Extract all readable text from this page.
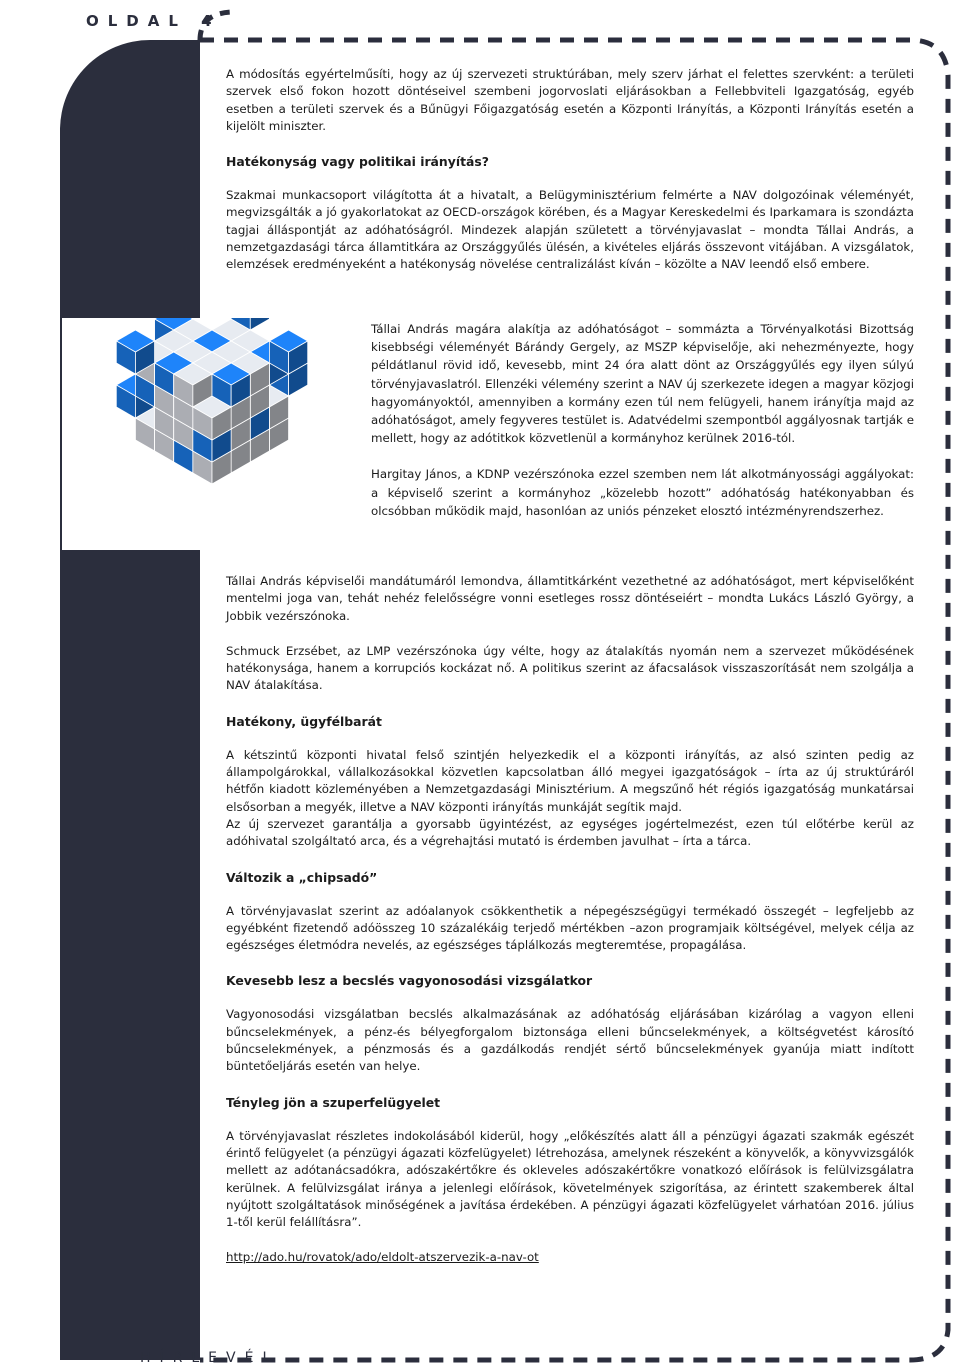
OLDAL 4

A módosítás egyértelműsíti, hogy az új szervezeti struktúrában, mely szerv járhat el felettes szervként: a területi szervek első fokon hozott döntéseivel szembeni jogorvoslati eljárásokban a Fellebbviteli Igazgatóság, egyéb esetben a területi szervek és a Bűnügyi Főigazgatóság esetén a Központi Irányítás, a Központi Irányítás esetén a kijelölt miniszter.

Hatékonyság vagy politikai irányítás?

Szakmai munkacsoport világította át a hivatalt, a Belügyminisztérium felmérte a NAV dolgozóinak véleményét, megvizsgálták a jó gyakorlatokat az OECD-országok körében, és a Magyar Kereskedelmi és Iparkamara is szondázta tagjai álláspontját az adóhatóságról. Mindezek alapján született a törvényjavaslat – mondta Tállai András, a nemzetgazdasági tárca államtitkára az Országgyűlés ülésén, a kivételes eljárás összevont vitájában. A vizsgálatok, elemzések eredményeként a hatékonyság növelése centralizálást kíván – közölte a NAV leendő első embere.

Tállai András magára alakítja az adóhatóságot – sommázta a Törvényalkotási Bizottság kisebbségi véleményét Bárándy Gergely, az MSZP képviselője, aki nehezményezte, hogy példátlanul rövid idő, kevesebb, mint 24 óra alatt dönt az Országgyűlés egy ilyen súlyú törvényjavaslatról. Ellenzéki vélemény szerint a NAV új szerkezete idegen a magyar közjogi hagyományoktól, amennyiben a kormány ezen túl nem felügyeli, hanem irányítja majd az adóhatóságot, amely fegyveres testület is. Adatvédelmi szempontból aggályosnak tartják e mellett, hogy az adótitkok közvetlenül a kormányhoz kerülnek 2016-tól.

Hargitay János, a KDNP vezérszónoka ezzel szemben nem lát alkotmányossági aggályokat: a képviselő szerint a kormányhoz „közelebb hozott” adóhatóság hatékonyabban és olcsóbban működik majd, hasonlóan az uniós pénzeket elosztó intézményrendszerhez.

Tállai András képviselői mandátumáról lemondva, államtitkárként vezethetné az adóhatóságot, mert képviselőként mentelmi joga van, tehát nehéz felelősségre vonni esetleges rossz döntéseiért – mondta Lukács László György, a Jobbik vezérszónoka.

Schmuck Erzsébet, az LMP vezérszónoka úgy vélte, hogy az átalakítás nyomán nem a szervezet működésének hatékonysága, hanem a korrupciós kockázat nő. A politikus szerint az áfacsalások visszaszorítását nem szolgálja a NAV átalakítása.

Hatékony, ügyfélbarát

A kétszintű központi hivatal felső szintjén helyezkedik el a központi irányítás, az alsó szinten pedig az állampolgárokkal, vállalkozásokkal közvetlen kapcsolatban álló megyei igazgatóságok – írta az új struktúráról hétfőn kiadott közleményében a Nemzetgazdasági Minisztérium. A megszűnő hét régiós igazgatóság munkatársai elsősorban a megyék, illetve a NAV központi irányítás munkáját segítik majd.

Az új szervezet garantálja a gyorsabb ügyintézést, az egységes jogértelmezést, ezen túl előtérbe kerül az adóhivatal szolgáltató arca, és a végrehajtási mutató is érdemben javulhat – írta a tárca.

Változik a „chipsadó”

A törvényjavaslat szerint az adóalanyok csökkenthetik a népegészségügyi termékadó összegét – legfeljebb az egyébként fizetendő adóösszeg 10 százalékáig terjedő mértékben –azon programjaik költségével, melyek célja az egészséges életmódra nevelés, az egészséges táplálkozás megteremtése, propagálása.

Kevesebb lesz a becslés vagyonosodási vizsgálatkor

Vagyonosodási vizsgálatban becslés alkalmazásának az adóhatóság eljárásában kizárólag a vagyon elleni bűncselekmények, a pénz-és bélyegforgalom biztonsága elleni bűncselekmények, a költségvetést károsító bűncselekmények, a pénzmosás és a gazdálkodás rendjét sértő bűncselekmények gyanúja miatt indított büntetőeljárás esetén van helye.

Tényleg jön a szuperfelügyelet

A törvényjavaslat részletes indokolásából kiderül, hogy „előkészítés alatt áll a pénzügyi ágazati szakmák egészét érintő felügyelet (a pénzügyi ágazati közfelügyelet) létrehozása, amelynek részeként a könyvelők, a könyvvizsgálók mellett az adótanácsadókra, adószakértőkre és okleveles adószakértőkre vonatkozó előírások is felülvizsgálatra kerülnek. A felülvizsgálat iránya a jelenlegi előírások, követelmények szigorítása, az érintett szakemberek által nyújtott szolgáltatások minőségének a javítása érdekében. A pénzügyi ágazati közfelügyelet várhatóan 2016. július 1-től kerül felállításra”.

http://ado.hu/rovatok/ado/eldolt-atszervezik-a-nav-ot

HÍRLEVÉL
